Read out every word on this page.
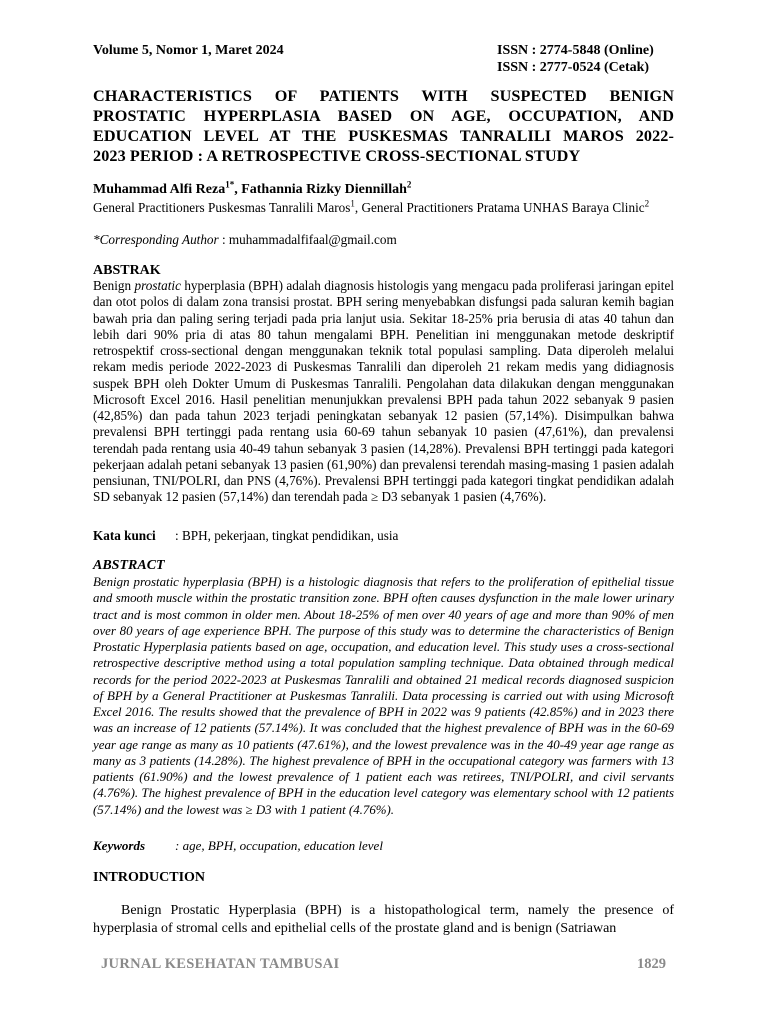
Volume 5, Nomor 1, Maret 2024	ISSN : 2774-5848 (Online)
ISSN : 2777-0524 (Cetak)
CHARACTERISTICS OF PATIENTS WITH SUSPECTED BENIGN
PROSTATIC HYPERPLASIA BASED ON AGE, OCCUPATION, AND
EDUCATION LEVEL AT THE PUSKESMAS TANRALILI MAROS 2022-
2023 PERIOD : A RETROSPECTIVE CROSS-SECTIONAL STUDY
Muhammad Alfi Reza$^{1*}$, Fathannia Rizky Diennillah$^2$
General Practitioners Puskesmas Tanralili Maros$^1$, General Practitioners Pratama UNHAS Baraya Clinic$^2$
*Corresponding Author : muhammadalfifaal@gmail.com
ABSTRAK
Benign prostatic hyperplasia (BPH) adalah diagnosis histologis yang mengacu pada proliferasi jaringan epitel dan otot polos di dalam zona transisi prostat. BPH sering menyebabkan disfungsi pada saluran kemih bagian bawah pria dan paling sering terjadi pada pria lanjut usia. Sekitar 18-25% pria berusia di atas 40 tahun dan lebih dari 90% pria di atas 80 tahun mengalami BPH. Penelitian ini menggunakan metode deskriptif retrospektif cross-sectional dengan menggunakan teknik total populasi sampling. Data diperoleh melalui rekam medis periode 2022-2023 di Puskesmas Tanralili dan diperoleh 21 rekam medis yang didiagnosis suspek BPH oleh Dokter Umum di Puskesmas Tanralili. Pengolahan data dilakukan dengan menggunakan Microsoft Excel 2016. Hasil penelitian menunjukkan prevalensi BPH pada tahun 2022 sebanyak 9 pasien (42,85%) dan pada tahun 2023 terjadi peningkatan sebanyak 12 pasien (57,14%). Disimpulkan bahwa prevalensi BPH tertinggi pada rentang usia 60-69 tahun sebanyak 10 pasien (47,61%), dan prevalensi terendah pada rentang usia 40-49 tahun sebanyak 3 pasien (14,28%). Prevalensi BPH tertinggi pada kategori pekerjaan adalah petani sebanyak 13 pasien (61,90%) dan prevalensi terendah masing-masing 1 pasien adalah pensiunan, TNI/POLRI, dan PNS (4,76%). Prevalensi BPH tertinggi pada kategori tingkat pendidikan adalah SD sebanyak 12 pasien (57,14%) dan terendah pada ≥ D3 sebanyak 1 pasien (4,76%).
Kata kunci : BPH, pekerjaan, tingkat pendidikan, usia
ABSTRACT
Benign prostatic hyperplasia (BPH) is a histologic diagnosis that refers to the proliferation of epithelial tissue and smooth muscle within the prostatic transition zone. BPH often causes dysfunction in the male lower urinary tract and is most common in older men. About 18-25% of men over 40 years of age and more than 90% of men over 80 years of age experience BPH. The purpose of this study was to determine the characteristics of Benign Prostatic Hyperplasia patients based on age, occupation, and education level. This study uses a cross-sectional retrospective descriptive method using a total population sampling technique. Data obtained through medical records for the period 2022-2023 at Puskesmas Tanralili and obtained 21 medical records diagnosed suspicion of BPH by a General Practitioner at Puskesmas Tanralili. Data processing is carried out with using Microsoft Excel 2016. The results showed that the prevalence of BPH in 2022 was 9 patients (42.85%) and in 2023 there was an increase of 12 patients (57.14%). It was concluded that the highest prevalence of BPH was in the 60-69 year age range as many as 10 patients (47.61%), and the lowest prevalence was in the 40-49 year age range as many as 3 patients (14.28%). The highest prevalence of BPH in the occupational category was farmers with 13 patients (61.90%) and the lowest prevalence of 1 patient each was retirees, TNI/POLRI, and civil servants (4.76%). The highest prevalence of BPH in the education level category was elementary school with 12 patients (57.14%) and the lowest was ≥ D3 with 1 patient (4.76%).
Keywords : age, BPH, occupation, education level
INTRODUCTION
Benign Prostatic Hyperplasia (BPH) is a histopathological term, namely the presence of hyperplasia of stromal cells and epithelial cells of the prostate gland and is benign (Satriawan
JURNAL KESEHATAN TAMBUSAI	1829
